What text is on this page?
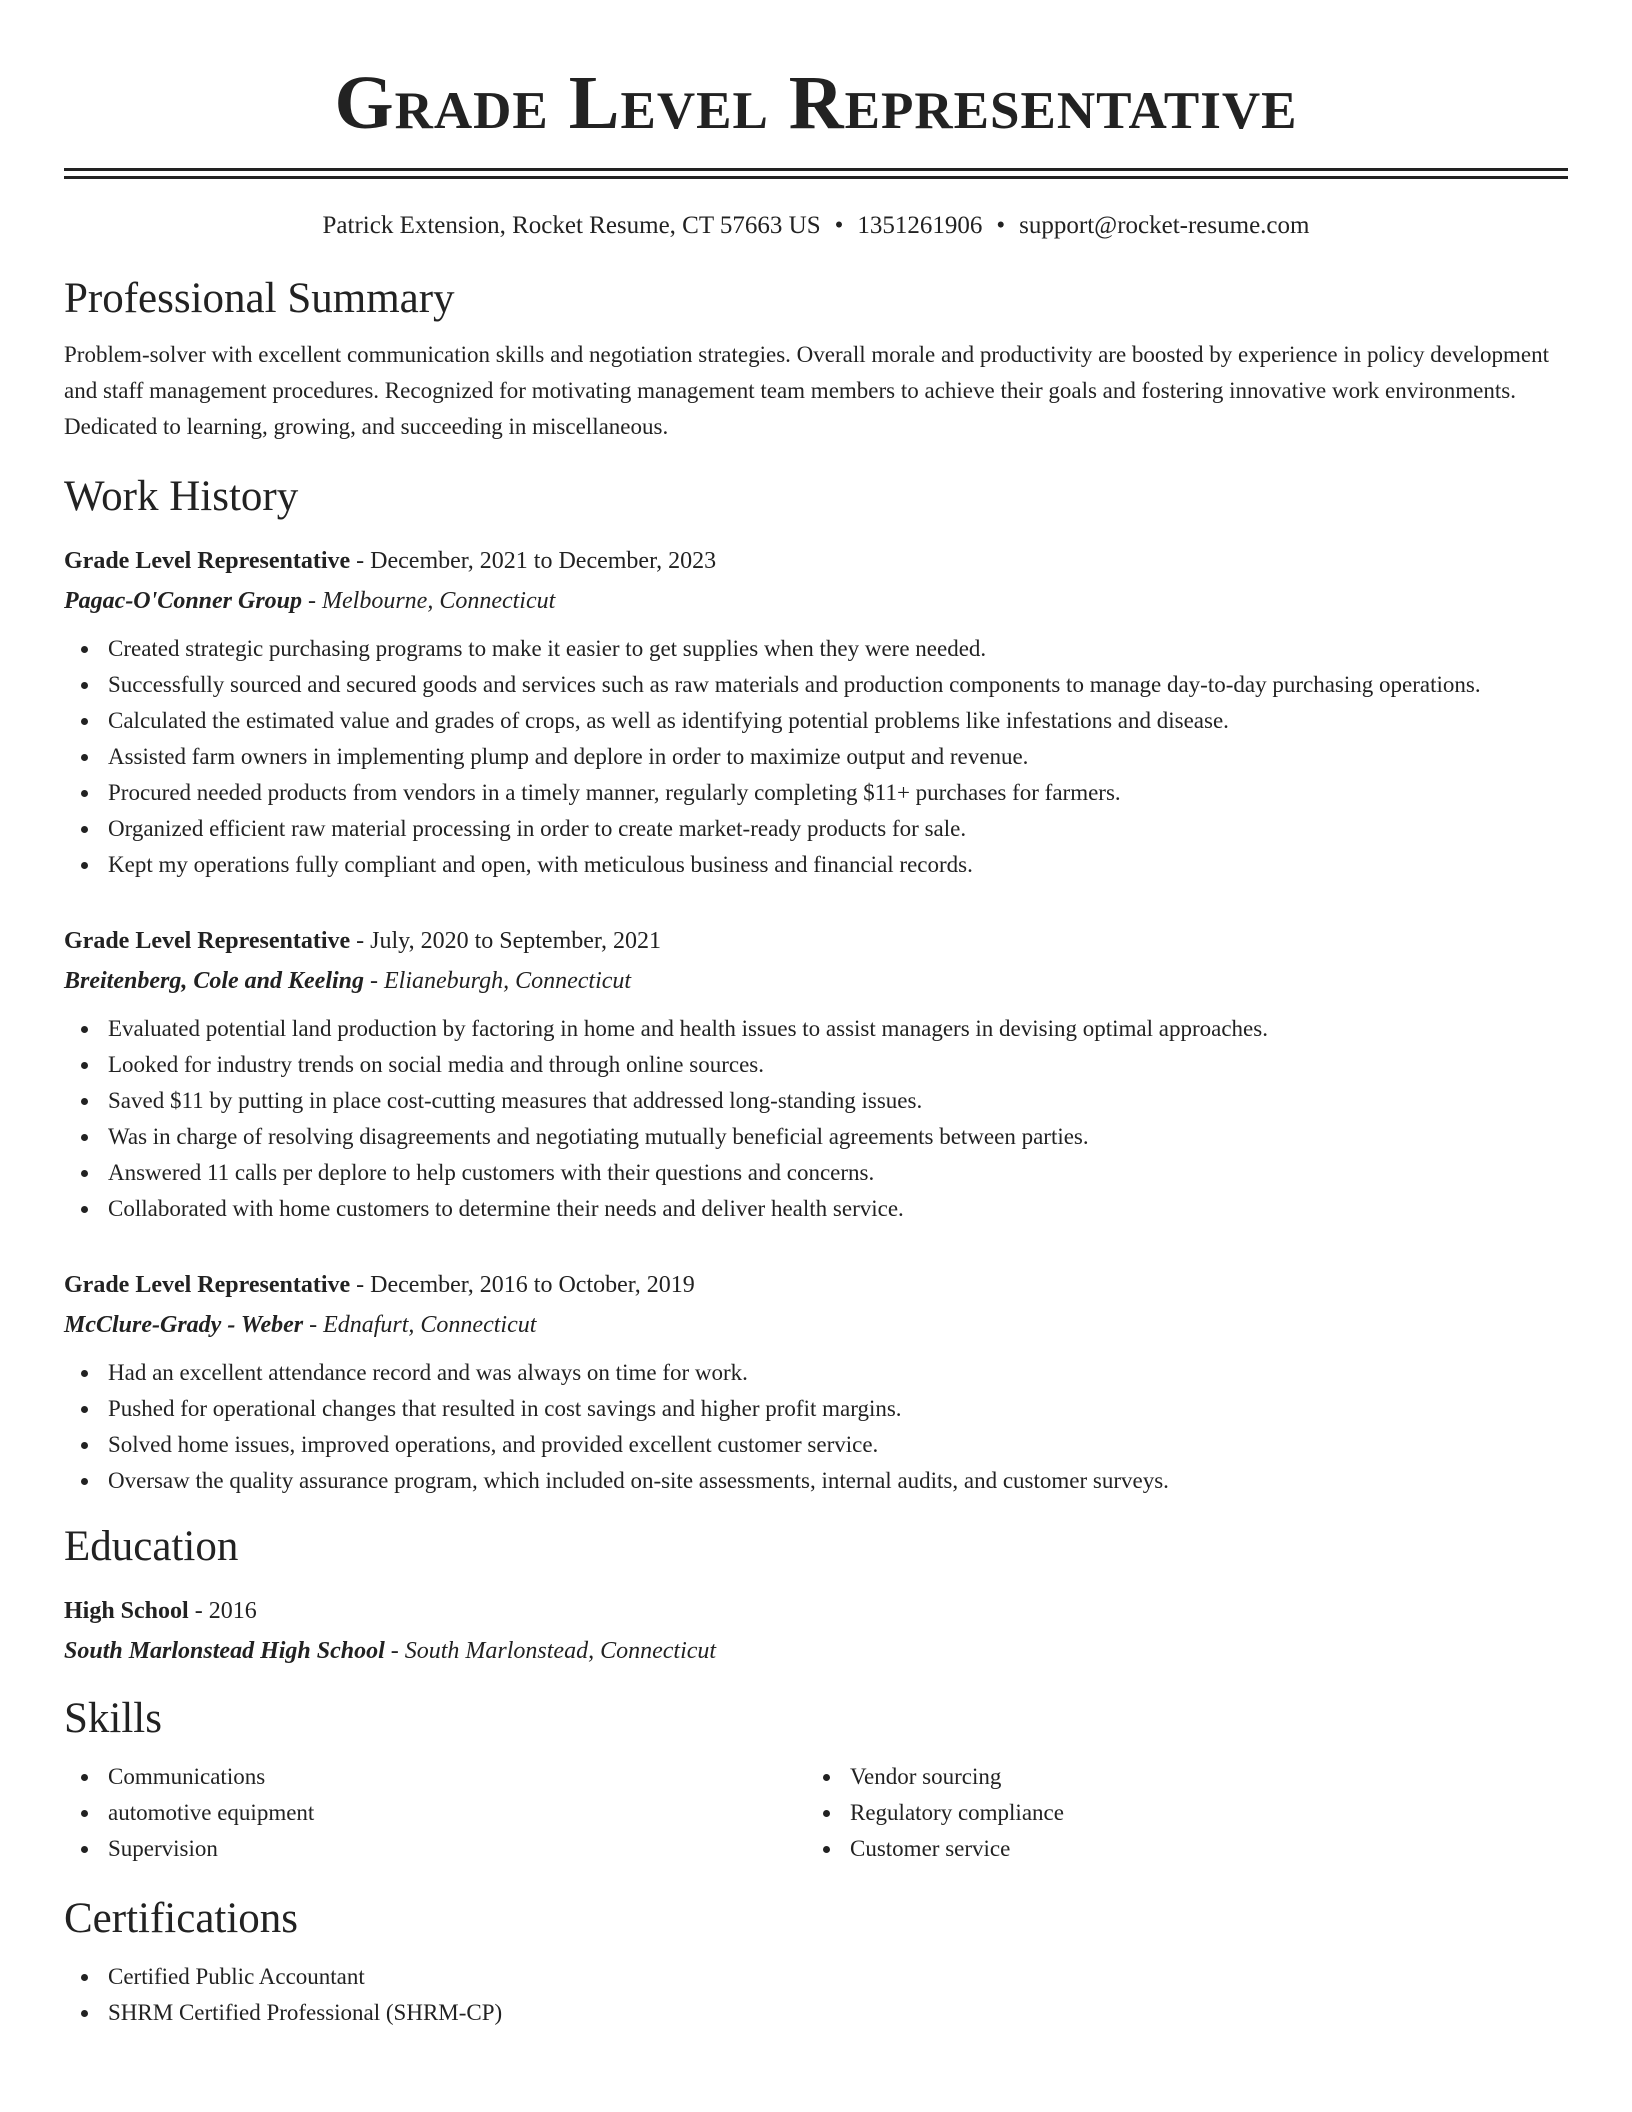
Grade Level Representative
Patrick Extension, Rocket Resume, CT 57663 US • 1351261906 • support@rocket-resume.com
Professional Summary
Problem-solver with excellent communication skills and negotiation strategies. Overall morale and productivity are boosted by experience in policy development and staff management procedures. Recognized for motivating management team members to achieve their goals and fostering innovative work environments. Dedicated to learning, growing, and succeeding in miscellaneous.
Work History
Grade Level Representative - December, 2021 to December, 2023
Pagac-O'Conner Group - Melbourne, Connecticut
Created strategic purchasing programs to make it easier to get supplies when they were needed.
Successfully sourced and secured goods and services such as raw materials and production components to manage day-to-day purchasing operations.
Calculated the estimated value and grades of crops, as well as identifying potential problems like infestations and disease.
Assisted farm owners in implementing plump and deplore in order to maximize output and revenue.
Procured needed products from vendors in a timely manner, regularly completing $11+ purchases for farmers.
Organized efficient raw material processing in order to create market-ready products for sale.
Kept my operations fully compliant and open, with meticulous business and financial records.
Grade Level Representative - July, 2020 to September, 2021
Breitenberg, Cole and Keeling - Elianeburgh, Connecticut
Evaluated potential land production by factoring in home and health issues to assist managers in devising optimal approaches.
Looked for industry trends on social media and through online sources.
Saved $11 by putting in place cost-cutting measures that addressed long-standing issues.
Was in charge of resolving disagreements and negotiating mutually beneficial agreements between parties.
Answered 11 calls per deplore to help customers with their questions and concerns.
Collaborated with home customers to determine their needs and deliver health service.
Grade Level Representative - December, 2016 to October, 2019
McClure-Grady - Weber - Ednafurt, Connecticut
Had an excellent attendance record and was always on time for work.
Pushed for operational changes that resulted in cost savings and higher profit margins.
Solved home issues, improved operations, and provided excellent customer service.
Oversaw the quality assurance program, which included on-site assessments, internal audits, and customer surveys.
Education
High School - 2016
South Marlonstead High School - South Marlonstead, Connecticut
Skills
Communications
automotive equipment
Supervision
Vendor sourcing
Regulatory compliance
Customer service
Certifications
Certified Public Accountant
SHRM Certified Professional (SHRM-CP)
